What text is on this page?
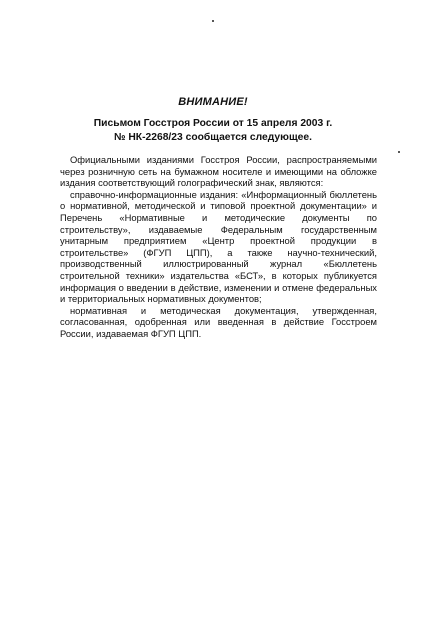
ВНИМАНИЕ!
Письмом Госстроя России от 15 апреля 2003 г.
№ НК-2268/23 сообщается следующее.

Официальными изданиями Госстроя России, распространяемыми через розничную сеть на бумажном носителе и имеющими на обложке издания соответствующий голографический знак, являются:

справочно-информационные издания: «Информационный бюллетень о нормативной, методической и типовой проектной документации» и Перечень «Нормативные и методические документы по строительству», издаваемые Федеральным государственным унитарным предприятием «Центр проектной продукции в строительстве» (ФГУП ЦПП), а также научно-технический, производственный иллюстрированный журнал «Бюллетень строительной техники» издательства «БСТ», в которых публикуется информация о введении в действие, изменении и отмене федеральных и территориальных нормативных документов;

нормативная и методическая документация, утвержденная, согласованная, одобренная или введенная в действие Госстроем России, издаваемая ФГУП ЦПП.
